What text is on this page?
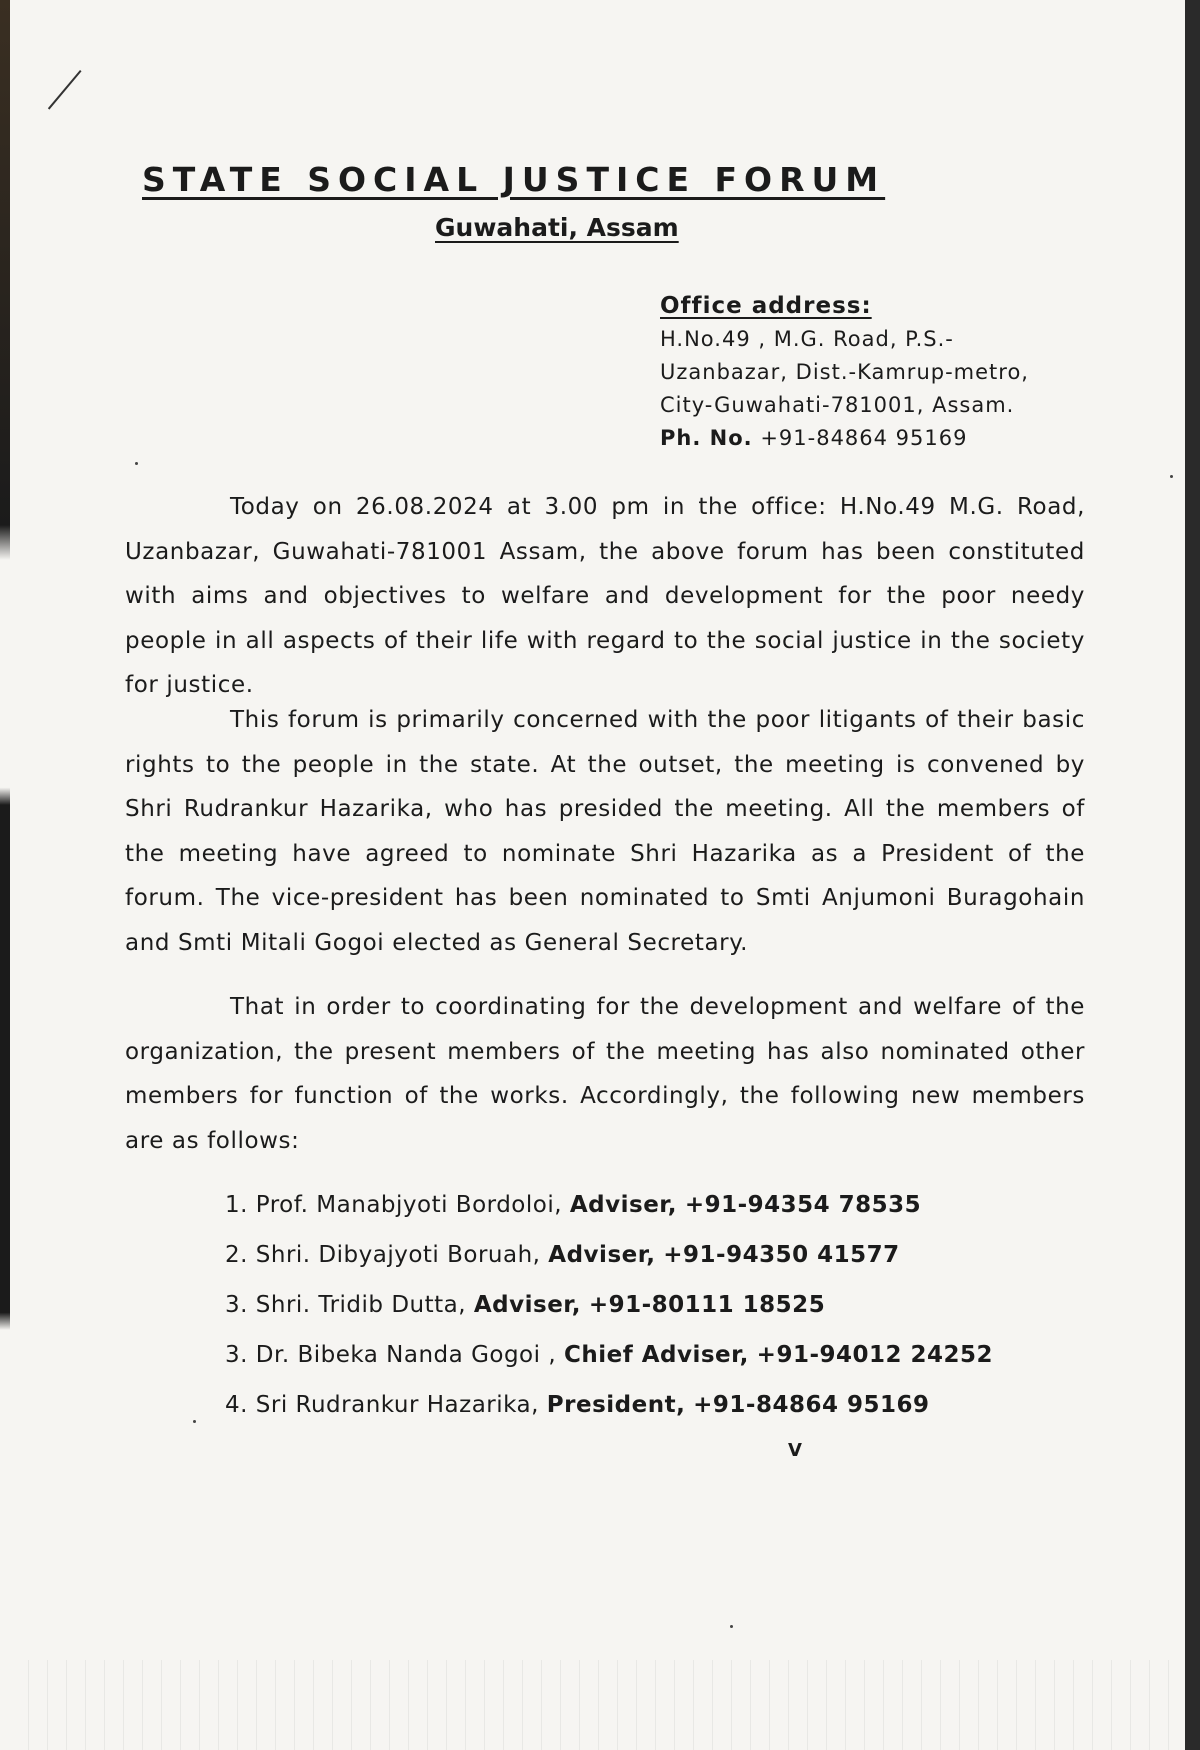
STATE SOCIAL JUSTICE FORUM
Guwahati, Assam
Office address:
H.No.49 , M.G. Road, P.S.-
Uzanbazar, Dist.-Kamrup-metro,
City-Guwahati-781001, Assam.
Ph. No. +91-84864 95169
Today on 26.08.2024 at 3.00 pm in the office: H.No.49 M.G. Road, Uzanbazar, Guwahati-781001 Assam, the above forum has been constituted with aims and objectives to welfare and development for the poor needy people in all aspects of their life with regard to the social justice in the society for justice.
This forum is primarily concerned with the poor litigants of their basic rights to the people in the state. At the outset, the meeting is convened by Shri Rudrankur Hazarika, who has presided the meeting. All the members of the meeting have agreed to nominate Shri Hazarika as a President of the forum. The vice-president has been nominated to Smti Anjumoni Buragohain and Smti Mitali Gogoi elected as General Secretary.
That in order to coordinating for the development and welfare of the organization, the present members of the meeting has also nominated other members for function of the works. Accordingly, the following new members are as follows:
1. Prof. Manabjyoti Bordoloi, Adviser, +91-94354 78535
2. Shri. Dibyajyoti Boruah, Adviser, +91-94350 41577
3. Shri. Tridib Dutta, Adviser, +91-80111 18525
3. Dr. Bibeka Nanda Gogoi , Chief Adviser, +91-94012 24252
4. Sri Rudrankur Hazarika, President, +91-84864 95169
V
